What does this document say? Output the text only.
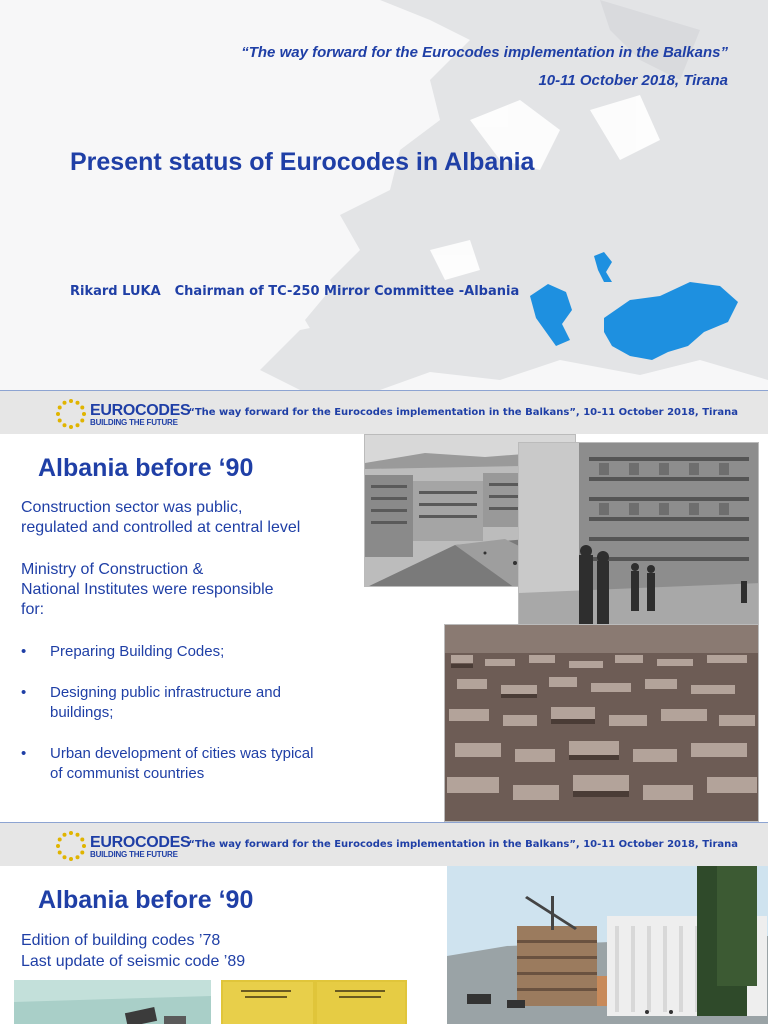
“The way forward for the Eurocodes implementation in the Balkans”
10-11 October 2018, Tirana
Present status of Eurocodes in Albania
Rikard LUKA Chairman of TC-250 Mirror Committee -Albania
EUROCODES
BUILDING THE FUTURE
“The way forward for the Eurocodes implementation in the Balkans”, 10-11 October 2018, Tirana
Albania before ‘90
Construction sector was public,
regulated and controlled at central level
Ministry of Construction &
National Institutes were responsible
for:
• Preparing Building Codes;
• Designing public infrastructure and
buildings;
• Urban development of cities was typical
of communist countries
EUROCODES
BUILDING THE FUTURE
“The way forward for the Eurocodes implementation in the Balkans”, 10-11 October 2018, Tirana
Albania before ‘90
Edition of building codes ’78
Last update of seismic code ’89
